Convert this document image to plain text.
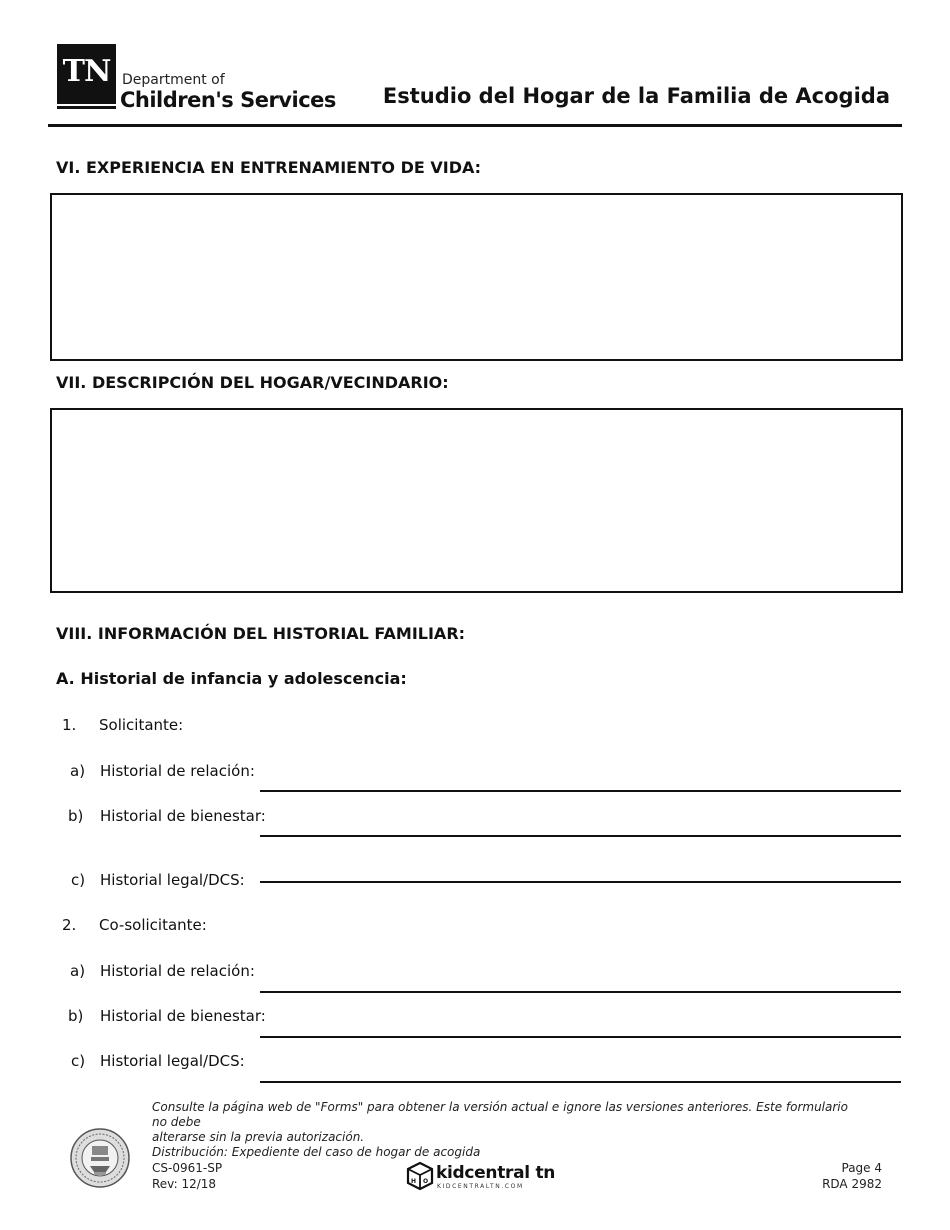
TN Department of
Children's Services Estudio del Hogar de la Familia de Acogida
VI. EXPERIENCIA EN ENTRENAMIENTO DE VIDA:
VII. DESCRIPCIÓN DEL HOGAR/VECINDARIO:
VIII. INFORMACIÓN DEL HISTORIAL FAMILIAR:
A. Historial de infancia y adolescencia:
1. Solicitante:
a) Historial de relación:
b) Historial de bienestar:
c) Historial legal/DCS:
2. Co-solicitante:
a) Historial de relación:
b) Historial de bienestar:
c) Historial legal/DCS:
Consulte la página web de "Forms" para obtener la versión actual e ignore las versiones anteriores. Este formulario no debe
alterarse sin la previa autorización.
Distribución: Expediente del caso de hogar de acogida
CS-0961-SP
Rev: 12/18	H O kidcentral tn
KIDCENTRALTN.COM
Page 4
RDA 2982
